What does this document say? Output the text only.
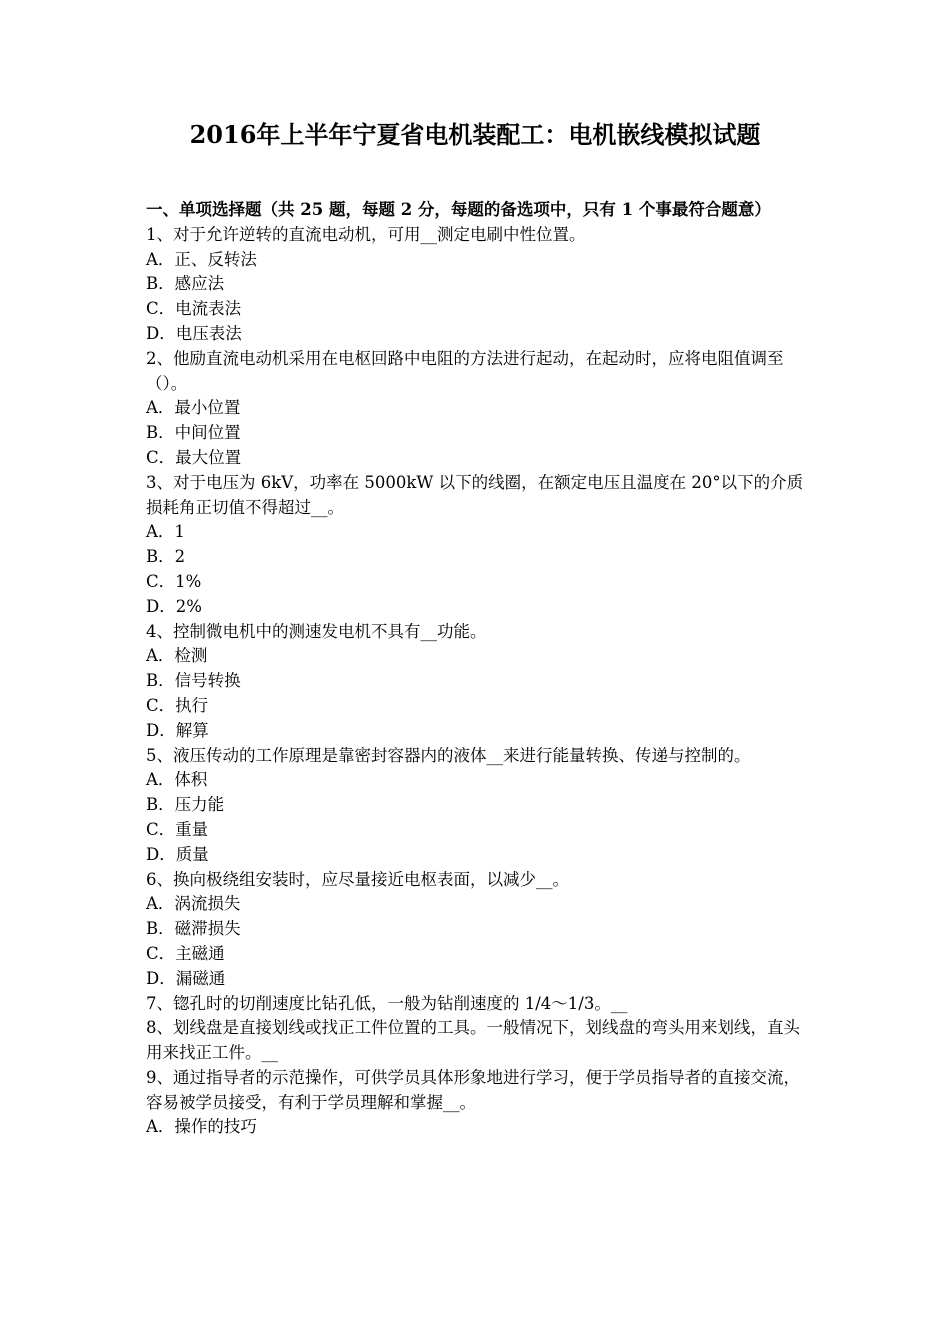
2016年上半年宁夏省电机装配工：电机嵌线模拟试题
一、单项选择题（共 25 题，每题 2 分，每题的备选项中，只有 1 个事最符合题意）
1、对于允许逆转的直流电动机，可用__测定电刷中性位置。
A．正、反转法
B．感应法
C．电流表法
D．电压表法
2、他励直流电动机采用在电枢回路中电阻的方法进行起动，在起动时，应将电阻值调至（）。
A．最小位置
B．中间位置
C．最大位置
3、对于电压为 6kV，功率在 5000kW 以下的线圈，在额定电压且温度在 20°以下的介质损耗角正切值不得超过__。
A．1
B．2
C．1%
D．2%
4、控制微电机中的测速发电机不具有__功能。
A．检测
B．信号转换
C．执行
D．解算
5、液压传动的工作原理是靠密封容器内的液体__来进行能量转换、传递与控制的。
A．体积
B．压力能
C．重量
D．质量
6、换向极绕组安装时，应尽量接近电枢表面，以减少__。
A．涡流损失
B．磁滞损失
C．主磁通
D．漏磁通
7、锪孔时的切削速度比钻孔低，一般为钻削速度的 1/4～1/3。__
8、划线盘是直接划线或找正工件位置的工具。一般情况下，划线盘的弯头用来划线，直头用来找正工件。__
9、通过指导者的示范操作，可供学员具体形象地进行学习，便于学员指导者的直接交流，容易被学员接受，有利于学员理解和掌握__。
A．操作的技巧
